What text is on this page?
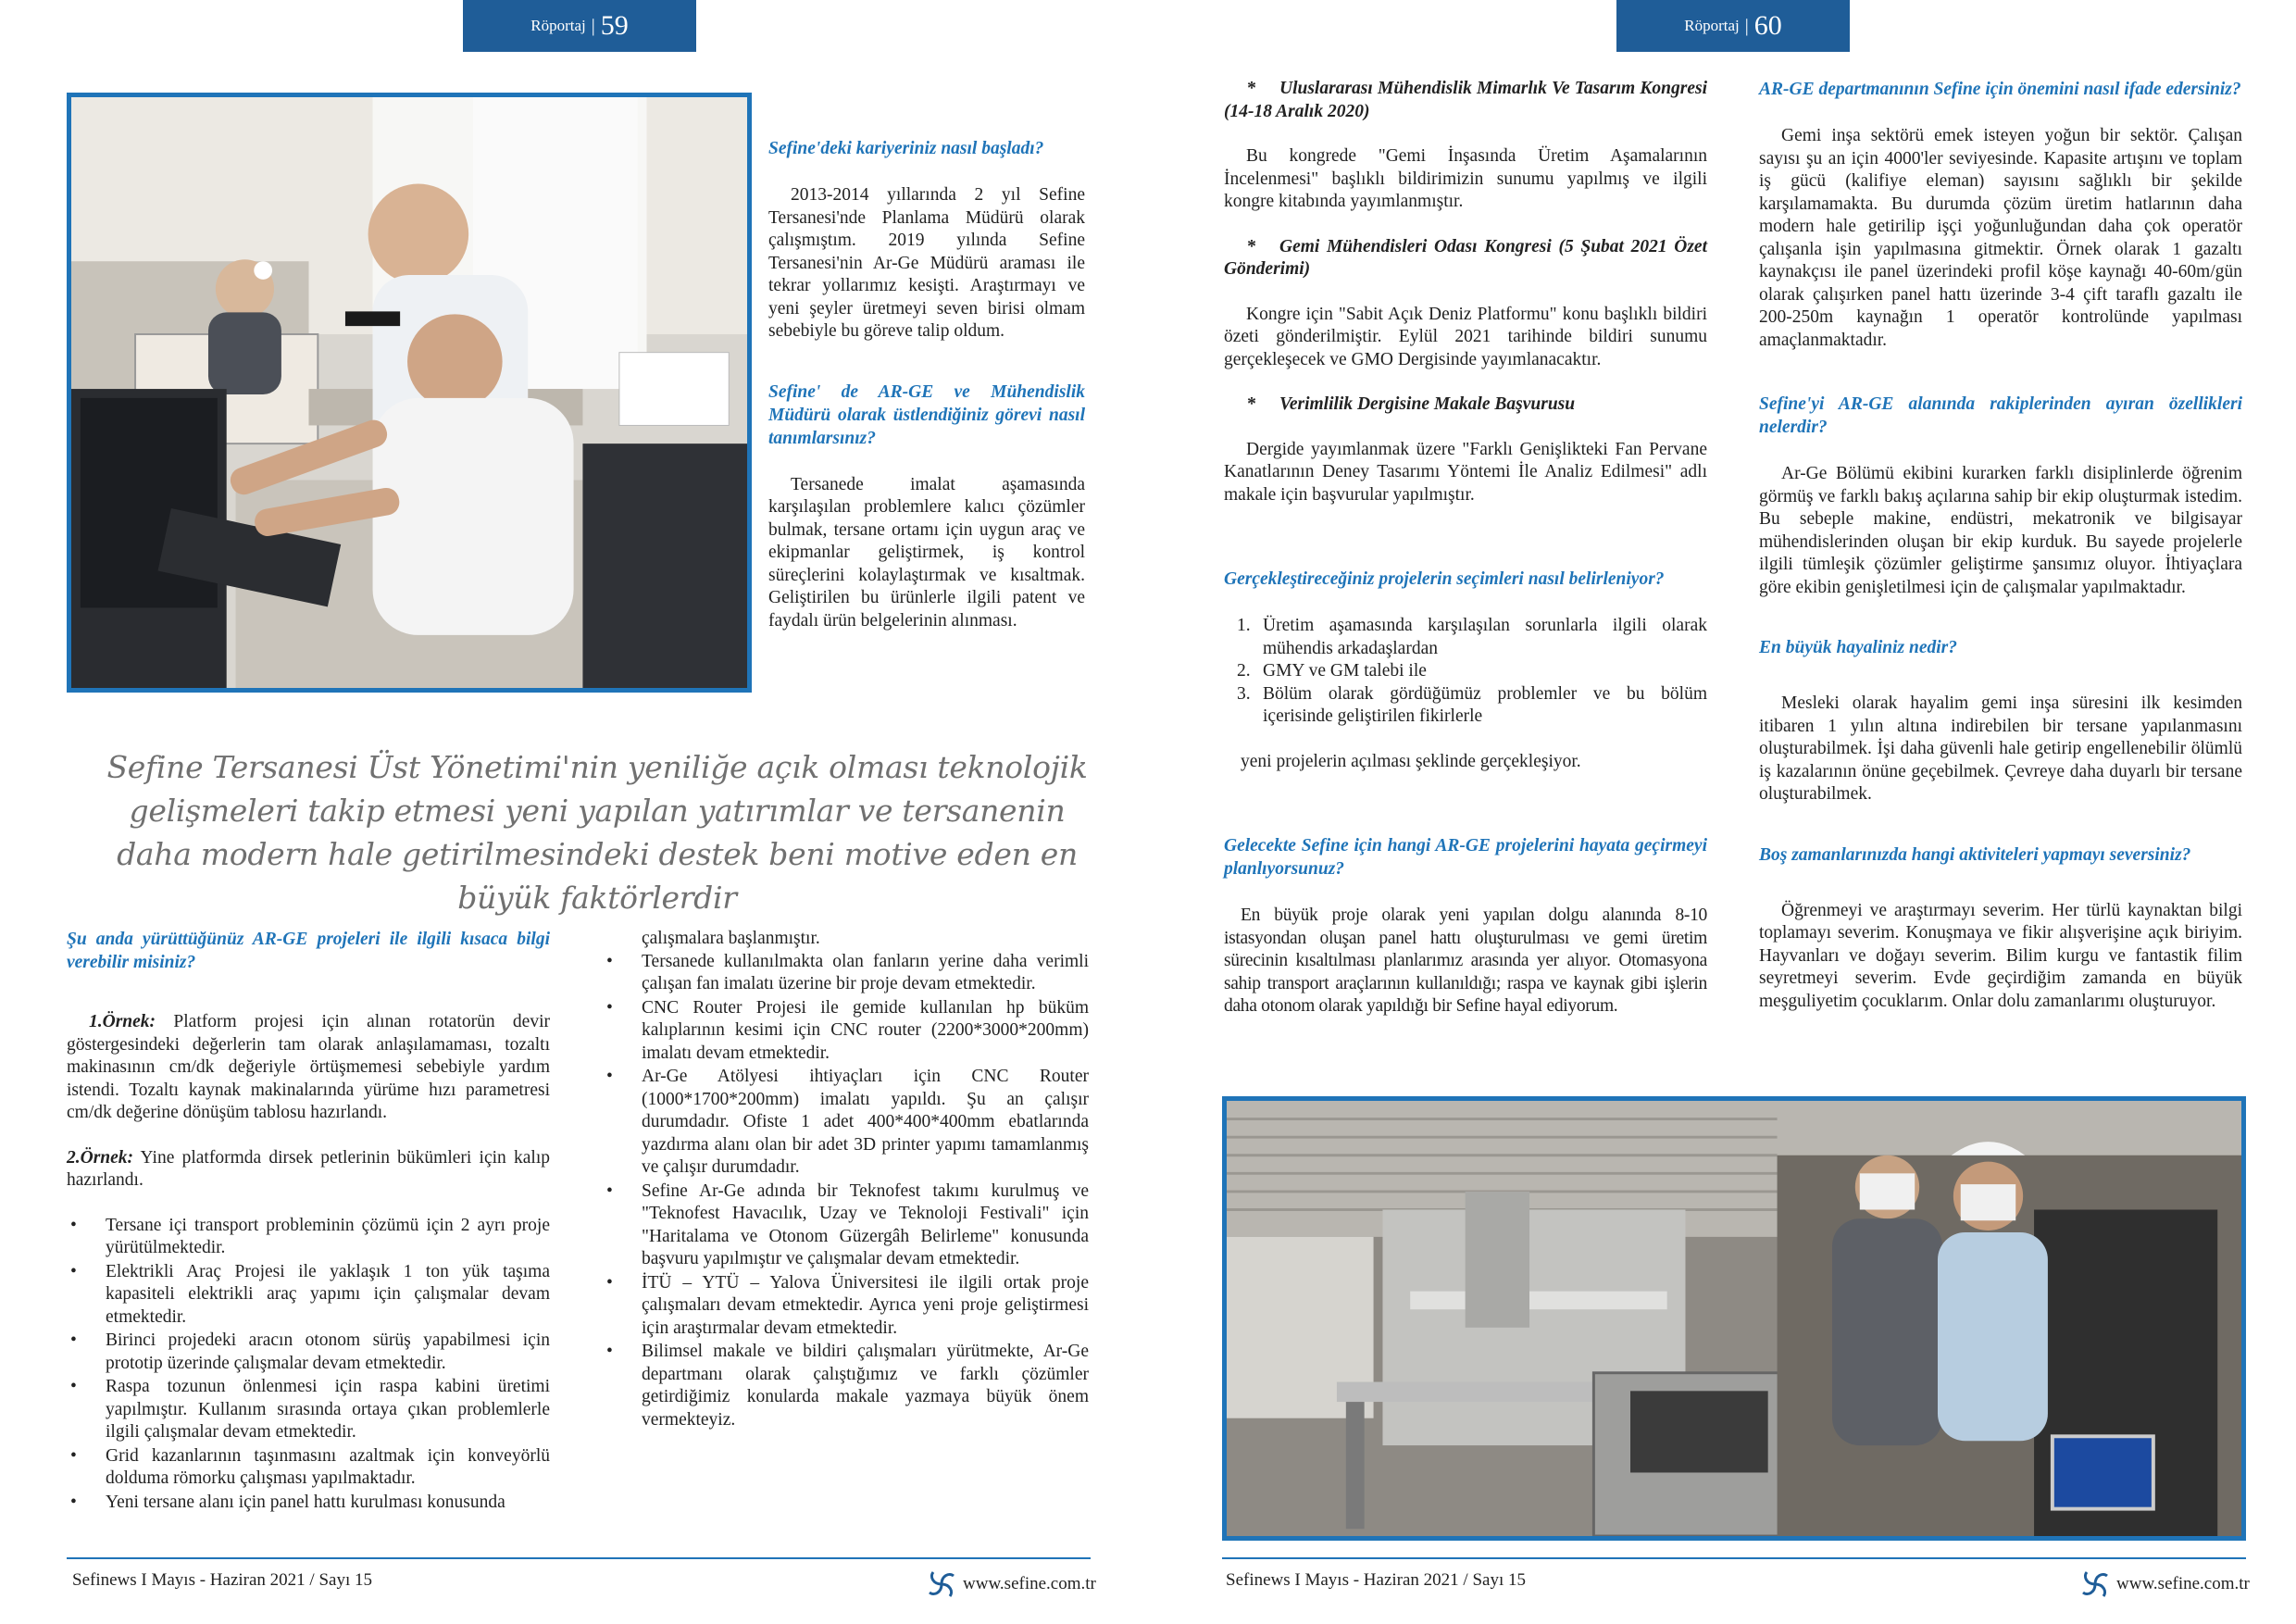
Röportaj | 59
Sefine'deki kariyeriniz nasıl başladı?

2013-2014 yıllarında 2 yıl Sefine Tersanesi'nde Planlama Müdürü olarak çalışmıştım. 2019 yılında Sefine Tersanesi'nin Ar-Ge Müdürü araması ile tekrar yollarımız kesişti. Araştırmayı ve yeni şeyler üretmeyi seven birisi olmam sebebiyle bu göreve talip oldum.

Sefine' de AR-GE ve Mühendislik Müdürü olarak üstlendiğiniz görevi nasıl tanımlarsınız?

Tersanede imalat aşamasında karşılaşılan problemlere kalıcı çözümler bulmak, tersane ortamı için uygun araç ve ekipmanlar geliştirmek, iş kontrol süreçlerini kolaylaştırmak ve kısaltmak. Geliştirilen bu ürünlerle ilgili patent ve faydalı ürün belgelerinin alınması.

Sefine Tersanesi Üst Yönetimi'nin yeniliğe açık olması teknolojik gelişmeleri takip etmesi yeni yapılan yatırımlar ve tersanenin daha modern hale getirilmesindeki destek beni motive eden en büyük faktörlerdir
Şu anda yürüttüğünüz AR-GE projeleri ile ilgili kısaca bilgi verebilir misiniz?

1.Örnek: Platform projesi için alınan rotatorün devir göstergesindeki değerlerin tam olarak anlaşılamaması, tozaltı makinasının cm/dk değeriyle örtüşmemesi sebebiyle yardım istendi. Tozaltı kaynak makinalarında yürüme hızı parametresi cm/dk değerine dönüşüm tablosu hazırlandı.

2.Örnek: Yine platformda dirsek petlerinin bükümleri için kalıp hazırlandı.

• Tersane içi transport probleminin çözümü için 2 ayrı proje yürütülmektedir.
• Elektrikli Araç Projesi ile yaklaşık 1 ton yük taşıma kapasiteli elektrikli araç yapımı için çalışmalar devam etmektedir.
• Birinci projedeki aracın otonom sürüş yapabilmesi için prototip üzerinde çalışmalar devam etmektedir.
• Raspa tozunun önlenmesi için raspa kabini üretimi yapılmıştır. Kullanım sırasında ortaya çıkan problemlerle ilgili çalışmalar devam etmektedir.
• Grid kazanlarının taşınmasını azaltmak için konveyörlü dolduma römorku çalışması yapılmaktadır.
• Yeni tersane alanı için panel hattı kurulması konusunda
çalışmalara başlanmıştır.
• Tersanede kullanılmakta olan fanların yerine daha verimli çalışan fan imalatı üzerine bir proje devam etmektedir.
• CNC Router Projesi ile gemide kullanılan hp büküm kalıplarının kesimi için CNC router (2200*3000*200mm) imalatı devam etmektedir.
• Ar-Ge Atölyesi ihtiyaçları için CNC Router (1000*1700*200mm) imalatı yapıldı. Şu an çalışır durumdadır. Ofiste 1 adet 400*400*400mm ebatlarında yazdırma alanı olan bir adet 3D printer yapımı tamamlanmış ve çalışır durumdadır.
• Sefine Ar-Ge adında bir Teknofest takımı kurulmuş ve "Teknofest Havacılık, Uzay ve Teknoloji Festivali" için "Haritalama ve Otonom Güzergâh Belirleme" konusunda başvuru yapılmıştır ve çalışmalar devam etmektedir.
• İTÜ – YTÜ – Yalova Üniversitesi ile ilgili ortak proje çalışmaları devam etmektedir. Ayrıca yeni proje geliştirmesi için araştırmalar devam etmektedir.
• Bilimsel makale ve bildiri çalışmaları yürütmekte, Ar-Ge departmanı olarak çalıştığımız ve farklı çözümler getirdiğimiz konularda makale yazmaya büyük önem vermekteyiz.
Sefinews I Mayıs - Haziran 2021 / Sayı 15	www.sefine.com.tr
Röportaj | 60
* Uluslararası Mühendislik Mimarlık Ve Tasarım Kongresi (14-18 Aralık 2020)

Bu kongrede "Gemi İnşasında Üretim Aşamalarının İncelenmesi" başlıklı bildirimizin sunumu yapılmış ve ilgili kongre kitabında yayımlanmıştır.

* Gemi Mühendisleri Odası Kongresi (5 Şubat 2021 Özet Gönderimi)

Kongre için "Sabit Açık Deniz Platformu" konu başlıklı bildiri özeti gönderilmiştir. Eylül 2021 tarihinde bildiri sunumu gerçekleşecek ve GMO Dergisinde yayımlanacaktır.

* Verimlilik Dergisine Makale Başvurusu

Dergide yayımlanmak üzere "Farklı Genişlikteki Fan Pervane Kanatlarının Deney Tasarımı Yöntemi İle Analiz Edilmesi" adlı makale için başvurular yapılmıştır.

Gerçekleştireceğiniz projelerin seçimleri nasıl belirleniyor?
1. Üretim aşamasında karşılaşılan sorunlarla ilgili olarak mühendis arkadaşlardan
2. GMY ve GM talebi ile
3. Bölüm olarak gördüğümüz problemler ve bu bölüm içerisinde geliştirilen fikirlerle

yeni projelerin açılması şeklinde gerçekleşiyor.

Gelecekte Sefine için hangi AR-GE projelerini hayata geçirmeyi planlıyorsunuz?

En büyük proje olarak yeni yapılan dolgu alanında 8-10 istasyondan oluşan panel hattı oluşturulması ve gemi üretim sürecinin kısaltılması planlarımız arasında yer alıyor. Otomasyona sahip transport araçlarının kullanıldığı; raspa ve kaynak gibi işlerin daha otonom olarak yapıldığı bir Sefine hayal ediyorum.

AR-GE departmanının Sefine için önemini nasıl ifade edersiniz?

Gemi inşa sektörü emek isteyen yoğun bir sektör. Çalışan sayısı şu an için 4000'ler seviyesinde. Kapasite artışını ve toplam iş gücü (kalifiye eleman) sayısını sağlıklı bir şekilde karşılamamakta. Bu durumda çözüm üretim hatlarının daha modern hale getirilip işçi yoğunluğundan daha çok operatör çalışanla işin yapılmasına gitmektir. Örnek olarak 1 gazaltı kaynakçısı ile panel üzerindeki profil köşe kaynağı 40-60m/gün olarak çalışırken panel hattı üzerinde 3-4 çift taraflı gazaltı ile 200-250m kaynağın 1 operatör kontrolünde yapılması amaçlanmaktadır.

Sefine'yi AR-GE alanında rakiplerinden ayıran özellikleri nelerdir?

Ar-Ge Bölümü ekibini kurarken farklı disiplinlerde öğrenim görmüş ve farklı bakış açılarına sahip bir ekip oluşturmak istedim. Bu sebeple makine, endüstri, mekatronik ve bilgisayar mühendislerinden oluşan bir ekip kurduk. Bu sayede projelerle ilgili tümleşik çözümler geliştirme şansımız oluyor. İhtiyaçlara göre ekibin genişletilmesi için de çalışmalar yapılmaktadır.

En büyük hayaliniz nedir?

Mesleki olarak hayalim gemi inşa süresini ilk kesimden itibaren 1 yılın altına indirebilen bir tersane yapılanmasını oluşturabilmek. İşi daha güvenli hale getirip engellenebilir ölümlü iş kazalarının önüne geçebilmek. Çevreye daha duyarlı bir tersane oluşturabilmek.

Boş zamanlarınızda hangi aktiviteleri yapmayı seversiniz?

Öğrenmeyi ve araştırmayı severim. Her türlü kaynaktan bilgi toplamayı severim. Konuşmaya ve fikir alışverişine açık biriyim. Hayvanları ve doğayı severim. Bilim kurgu ve fantastik filim seyretmeyi severim. Evde geçirdiğim zamanda en büyük meşguliyetim çocuklarım. Onlar dolu zamanlarımı oluşturuyor.

Sefinews I Mayıs - Haziran 2021 / Sayı 15	www.sefine.com.tr
